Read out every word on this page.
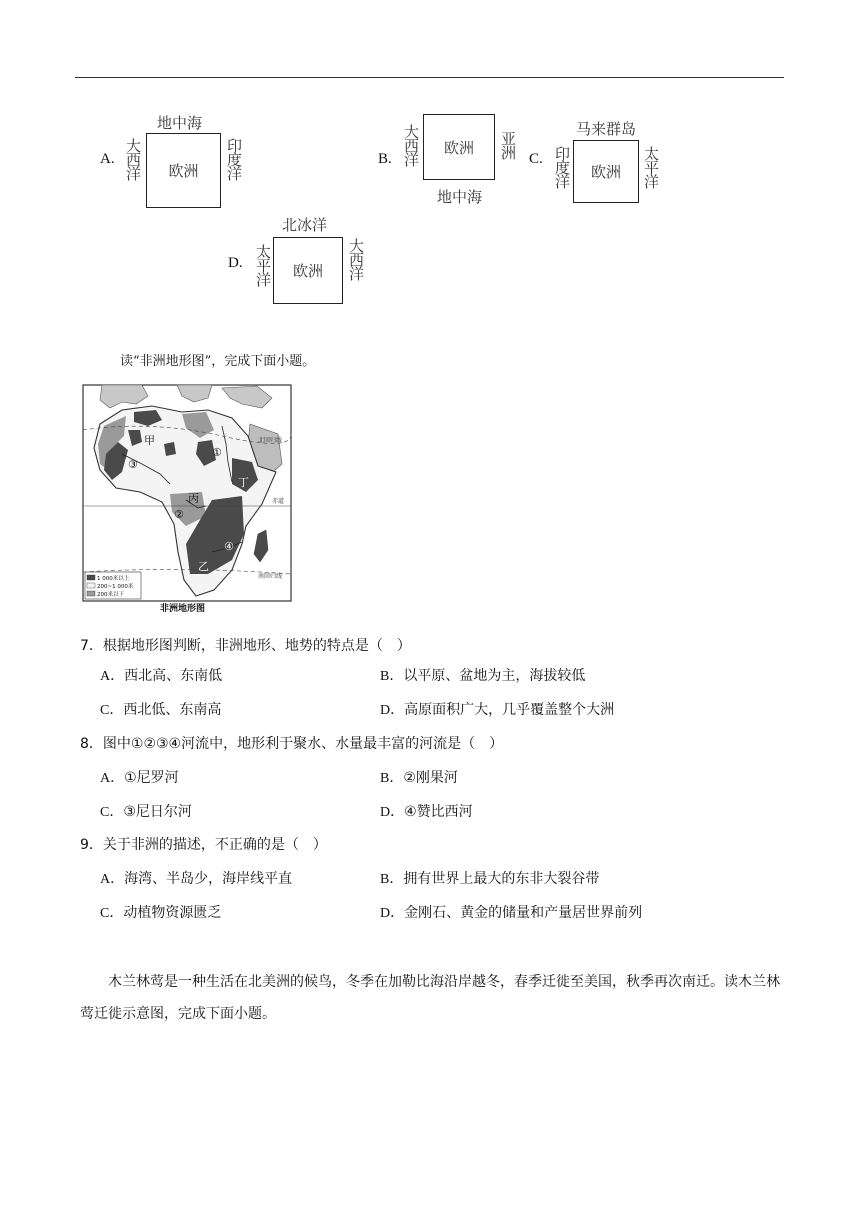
A.
地中海
大西洋 欧洲 印度洋	B. 大西洋 欧洲 亚洲
地中海
C.
马来群岛
印度洋 欧洲 太平洋
D.
北冰洋
太平洋 欧洲 大西洋
读“非洲地形图”，完成下面小题。
北回归线
赤道
南回归线
甲
丙
丁
乙
①
②
③
④
1 000米以上
200~1 000米
200米以下
非洲地形图
7．根据地形图判断，非洲地形、地势的特点是（　）
A．西北高、东南低	B．以平原、盆地为主，海拔较低
C．西北低、东南高	D．高原面积广大，几乎覆盖整个大洲
8．图中①②③④河流中，地形利于聚水、水量最丰富的河流是（　）
A．①尼罗河	B．②刚果河
C．③尼日尔河	D．④赞比西河
9．关于非洲的描述，不正确的是（　）
A．海湾、半岛少，海岸线平直	B．拥有世界上最大的东非大裂谷带
C．动植物资源匮乏	D．金刚石、黄金的储量和产量居世界前列
木兰林莺是一种生活在北美洲的候鸟，冬季在加勒比海沿岸越冬，春季迁徙至美国，秋季再次南迁。读木兰林莺迁徙示意图，完成下面小题。
